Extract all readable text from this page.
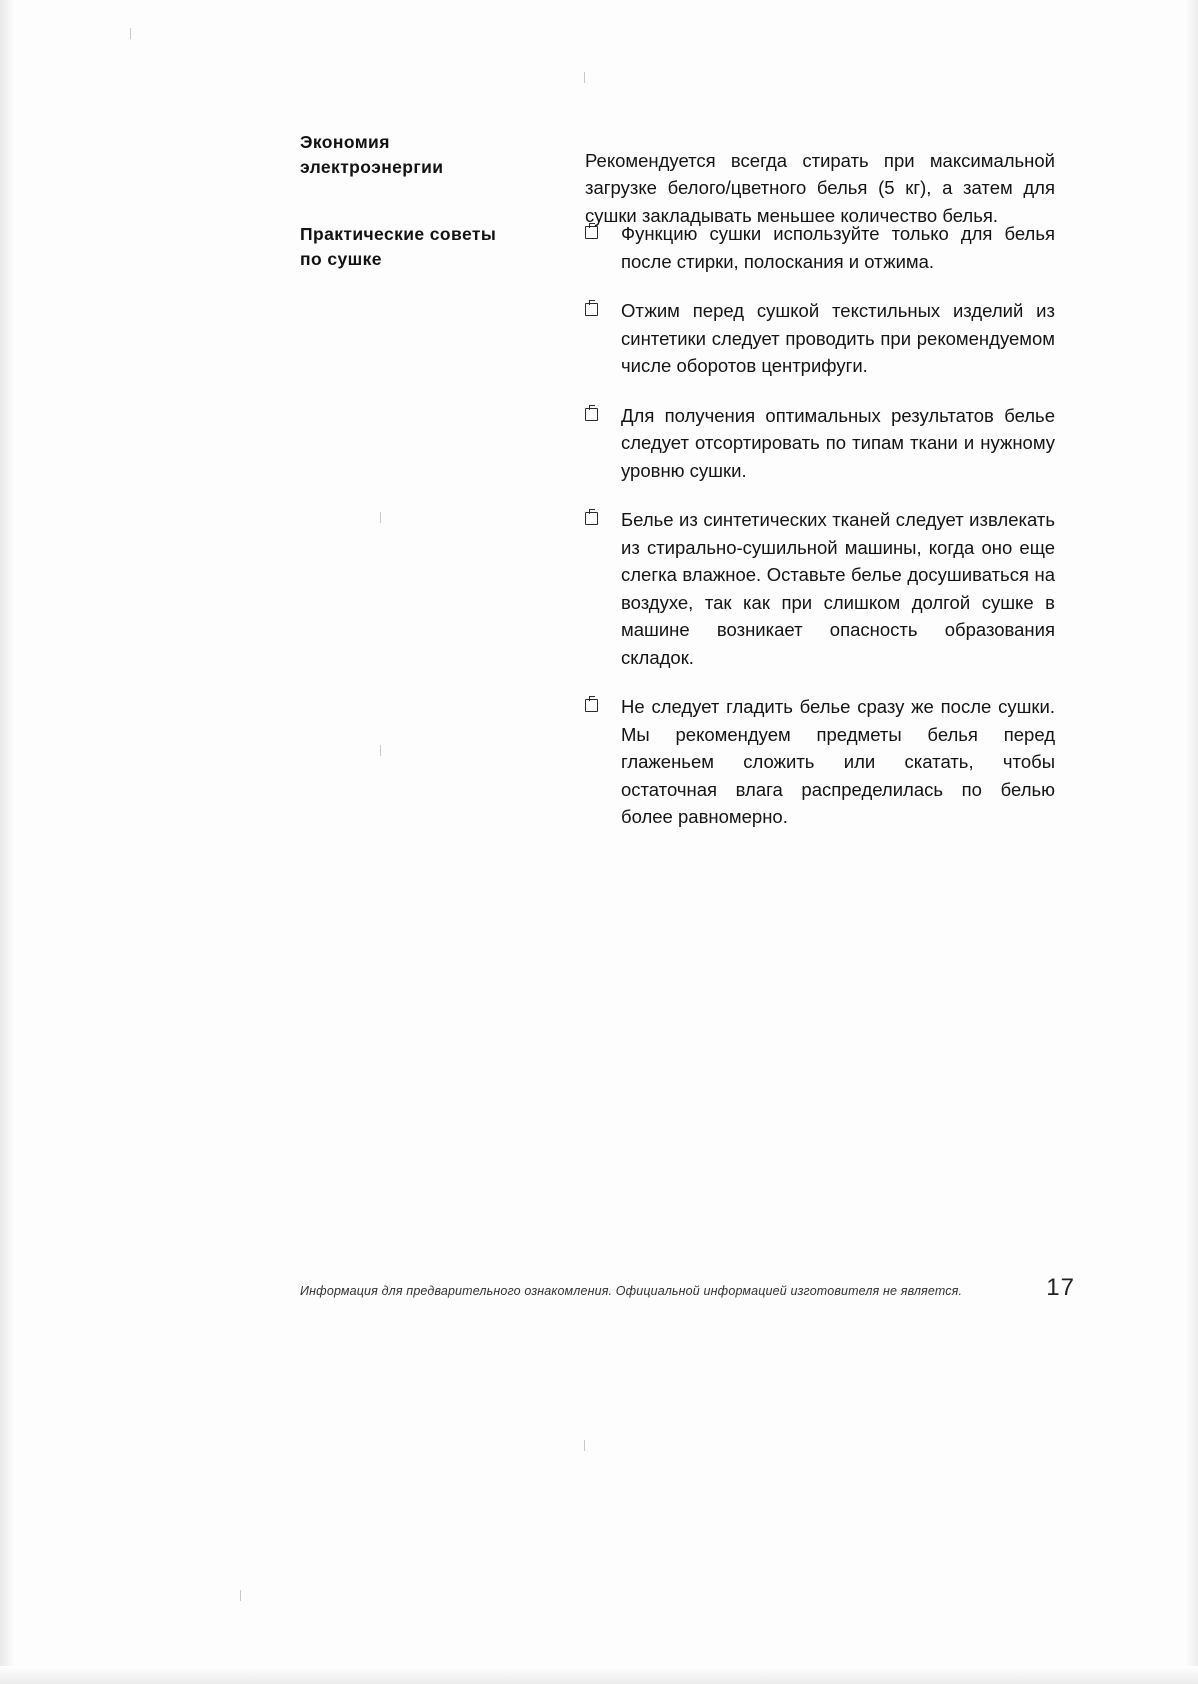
Экономия
электроэнергии	Рекомендуется всегда стирать при максимальной загрузке белого/цветного белья (5 кг), а затем для сушки закладывать меньшее количество белья.

Практические советы
по сушке
Функцию сушки используйте только для белья после стирки, полоскания и отжима.
Отжим перед сушкой текстильных изделий из синтетики следует проводить при рекомендуемом числе оборотов центрифуги.
Для получения оптимальных результатов белье следует отсортировать по типам ткани и нужному уровню сушки.
Белье из синтетических тканей следует извлекать из стирально-сушильной машины, когда оно еще слегка влажное. Оставьте белье досушиваться на воздухе, так как при слишком долгой сушке в машине возникает опасность образования складок.
Не следует гладить белье сразу же после сушки. Мы рекомендуем предметы белья перед глаженьем сложить или скатать, чтобы остаточная влага распределилась по белью более равномерно.
Информация для предварительного ознакомления. Официальной информацией изготовителя не является.	17
